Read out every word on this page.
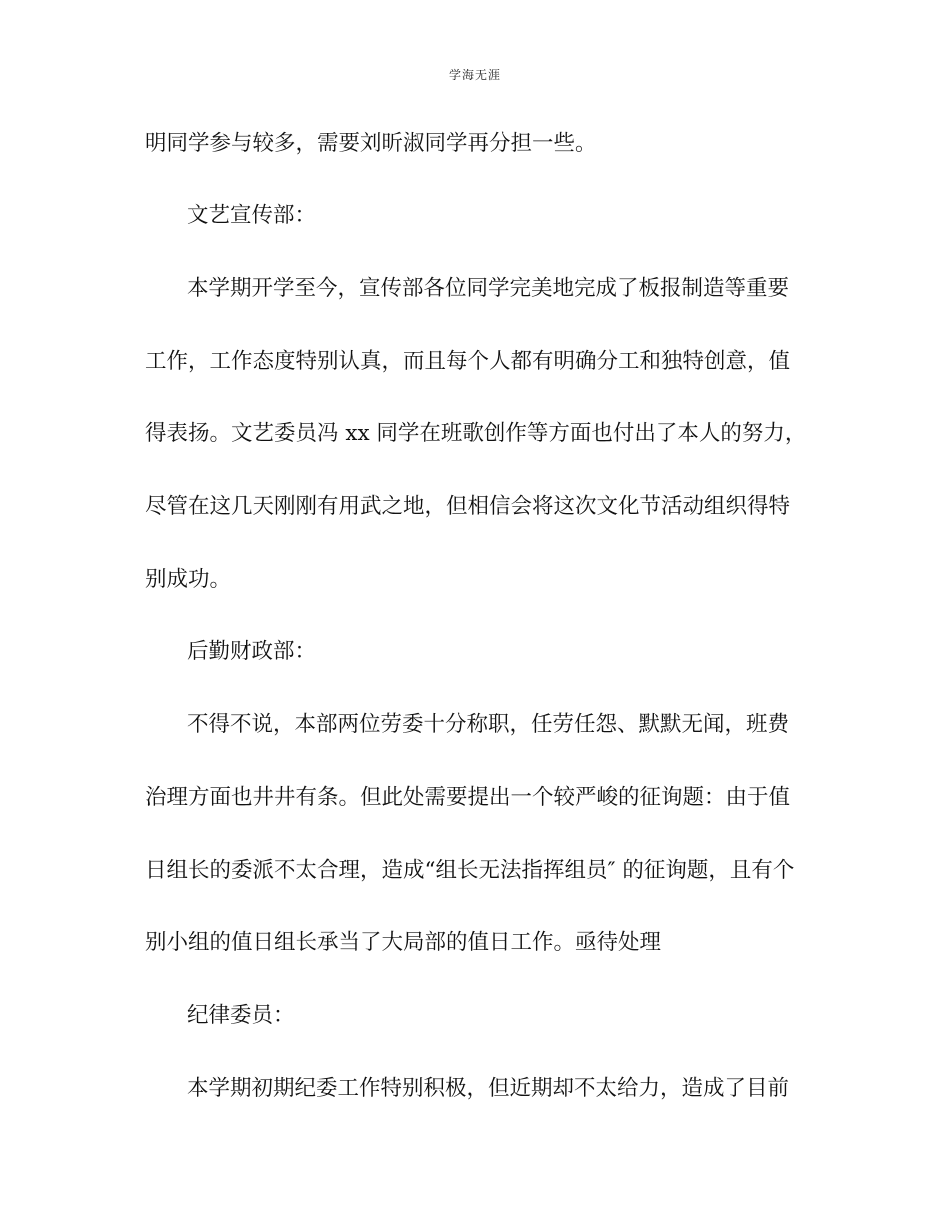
学海无涯
明同学参与较多，需要刘昕淑同学再分担一些。
文艺宣传部：
本学期开学至今，宣传部各位同学完美地完成了板报制造等重要
工作，工作态度特别认真，而且每个人都有明确分工和独特创意，值
得表扬。文艺委员冯 xx 同学在班歌创作等方面也付出了本人的努力，
尽管在这几天刚刚有用武之地，但相信会将这次文化节活动组织得特
别成功。
后勤财政部：
不得不说，本部两位劳委十分称职，任劳任怨、默默无闻，班费
治理方面也井井有条。但此处需要提出一个较严峻的征询题：由于值
日组长的委派不太合理，造成“组长无法指挥组员″ 的征询题，且有个
别小组的值日组长承当了大局部的值日工作。亟待处理
纪律委员：
本学期初期纪委工作特别积极，但近期却不太给力，造成了目前
